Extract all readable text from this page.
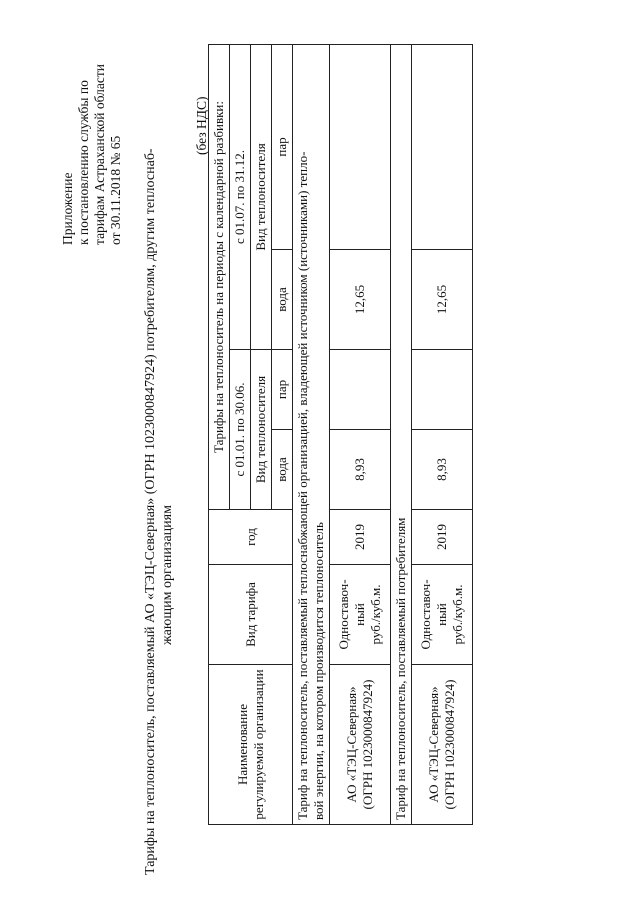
Приложение к постановлению службы по тарифам Астраханской области от 30.11.2018 № 65 Тарифы на теплоноситель, поставляемый АО «ТЭЦ-Северная» (ОГРН 1023000847924) потребителям, другим теплоснаб- жающим организациям
(без НДС)
Наименование регулируемой организации	Вид тарифа	год	Тарифы на теплоноситель на периоды с календарной разбивки:			
			с 01.01. по 30.06.		с 01.07. по 31.12.	
			Вид теплоносителя		Вид теплоносителя	
			вода	пар	вода	пар

Тариф на теплоноситель, поставляемый теплоснабжающей организацией, владеющей источником (источниками) тепло- вой энергии, на котором производится теплоноситель						

АО «ТЭЦ-Северная» (ОГРН 1023000847924)	Одноставоч- ный руб./куб.м.	2019	8,93		12,65	
Тариф на теплоноситель, поставляемый потребителям						
АО «ТЭЦ-Северная» (ОГРН 1023000847924)	Одноставоч- ный руб./куб.м.	2019	8,93		12,65	
